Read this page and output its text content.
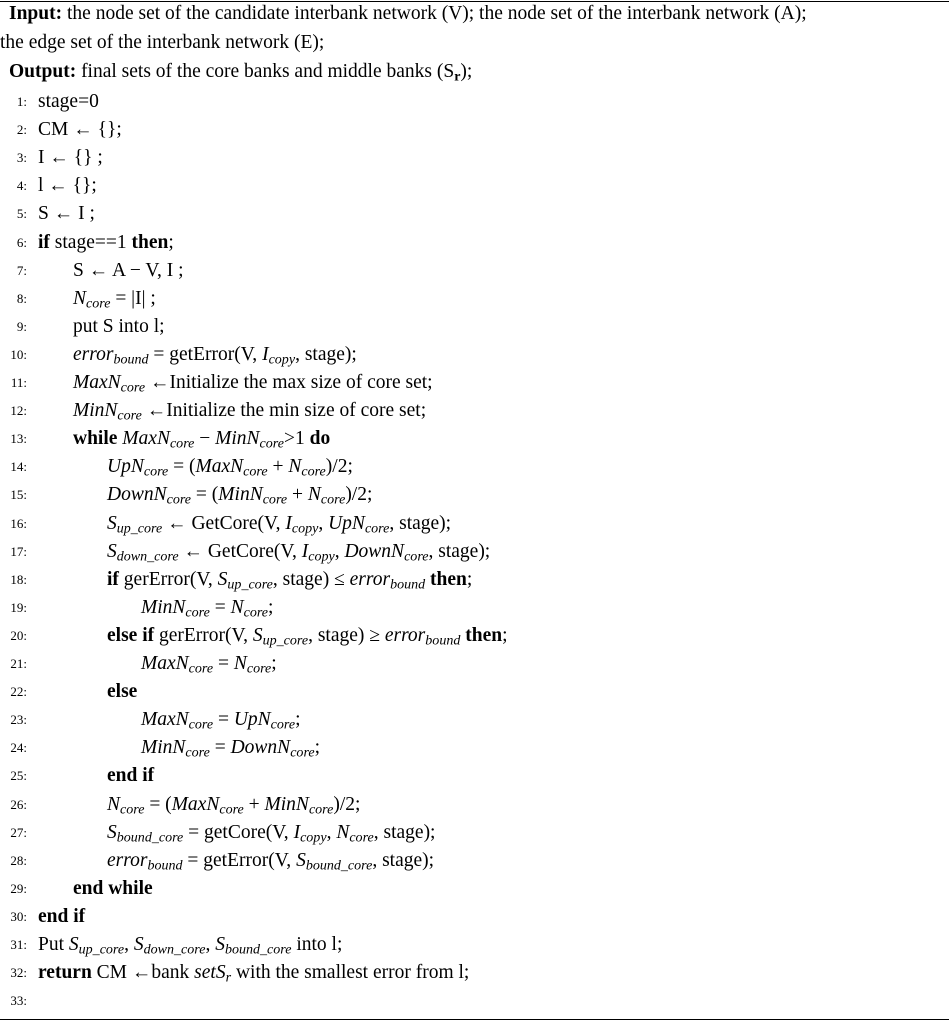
Input: the node set of the candidate interbank network (V); the node set of the interbank network (A);
the edge set of the interbank network (E);
Output: final sets of the core banks and middle banks $(S_r)$;
1: stage=0
2: CM ← {};
3: I ← {} ;
4: l ← {};
5: S ← I ;
6: if stage==1 then;
7: S ← A − V, I ;
8: $N_{core} = |I|$ ;
9: put S into l;
10: error$_{bound}$ = getError(V, $I_{copy}$, stage);
11: MaxN$_{core}$ ←Initialize the max size of core set;
12: MinN$_{core}$ ←Initialize the min size of core set;
13: while MaxN$_{core}$ − MinN$_{core}$>1 do
14:	UpN$_{core}$ = (MaxN$_{core}$ + $N_{core})/2$;
15:	DownN$_{core}$ = (MinN$_{core}$ + $N_{core})/2$;
16:	$S_{up\_core}$ ← GetCore(V, $I_{copy}$, UpN$_{core}$, stage);
17:	$S_{down\_core}$ ← GetCore(V, $I_{copy}$, DownN$_{core}$, stage);
18:	if gerError(V, $S_{up\_core}$, stage) ≤ error$_{bound}$ then;
19:	MinN$_{core}$ = $N_{core}$;
20:	else if gerError(V, $S_{up\_core}$, stage) ≥ error$_{bound}$ then;
21:	MaxN$_{core}$ = $N_{core}$;
22:	else
23:	MaxN$_{core}$ = UpN$_{core}$;
24:	MinN$_{core}$ = DownN$_{core}$;
25:	end if
26:	$N_{core}$ = (MaxN$_{core}$ + MinN$_{core}$)/2;
27:	$S_{bound\_core}$ = getCore(V, $I_{copy}$, $N_{core}$, stage);
28:	error$_{bound}$ = getError(V, $S_{bound\_core}$, stage);
29: end while
30: end if
31: Put $S_{up\_core}$, $S_{down\_core}$, $S_{bound\_core}$ into l;
32: return CM ←bank setS$_r$ with the smallest error from l;
33:
